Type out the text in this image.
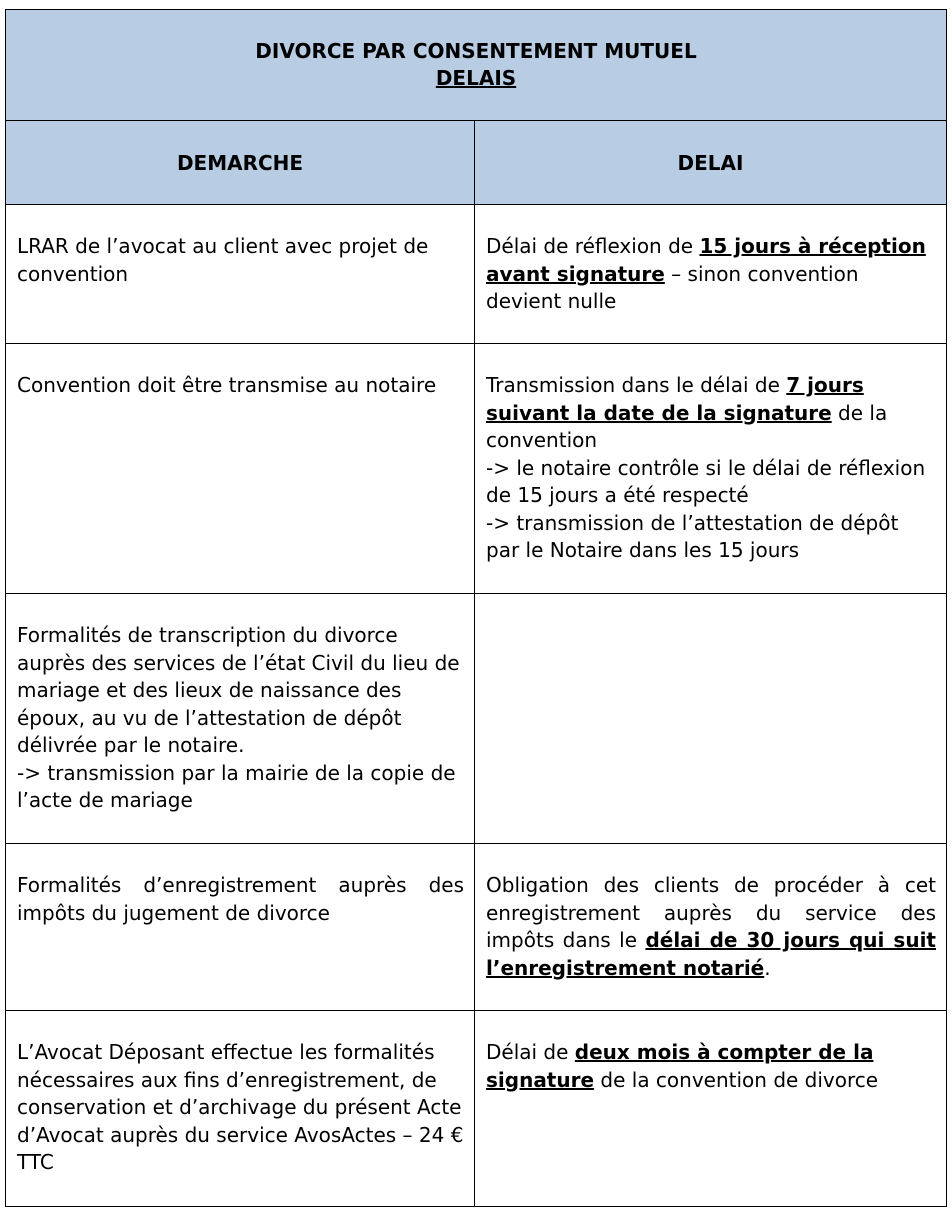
DIVORCE PAR CONSENTEMENT MUTUEL
DELAIS	

DEMARCHE	DELAI
LRAR de l’avocat au client avec projet de convention	Délai de réflexion de 15 jours à réception avant signature – sinon convention devient nulle
Convention doit être transmise au notaire	Transmission dans le délai de 7 jours suivant la date de la signature de la convention
-> le notaire contrôle si le délai de réflexion de 15 jours a été respecté
-> transmission de l’attestation de dépôt par le Notaire dans les 15 jours

Formalités de transcription du divorce auprès des services de l’état Civil du lieu de mariage et des lieux de naissance des époux, au vu de l’attestation de dépôt délivrée par le notaire.
-> transmission par la mairie de la copie de l’acte de mariage	

Formalités d’enregistrement auprès des impôts du jugement de divorce	Obligation des clients de procéder à cet enregistrement auprès du service des impôts dans le délai de 30 jours qui suit l’enregistrement notarié.
L’Avocat Déposant effectue les formalités nécessaires aux fins d’enregistrement, de conservation et d’archivage du présent Acte d’Avocat auprès du service AvosActes – 24 € TTC	Délai de deux mois à compter de la signature de la convention de divorce
